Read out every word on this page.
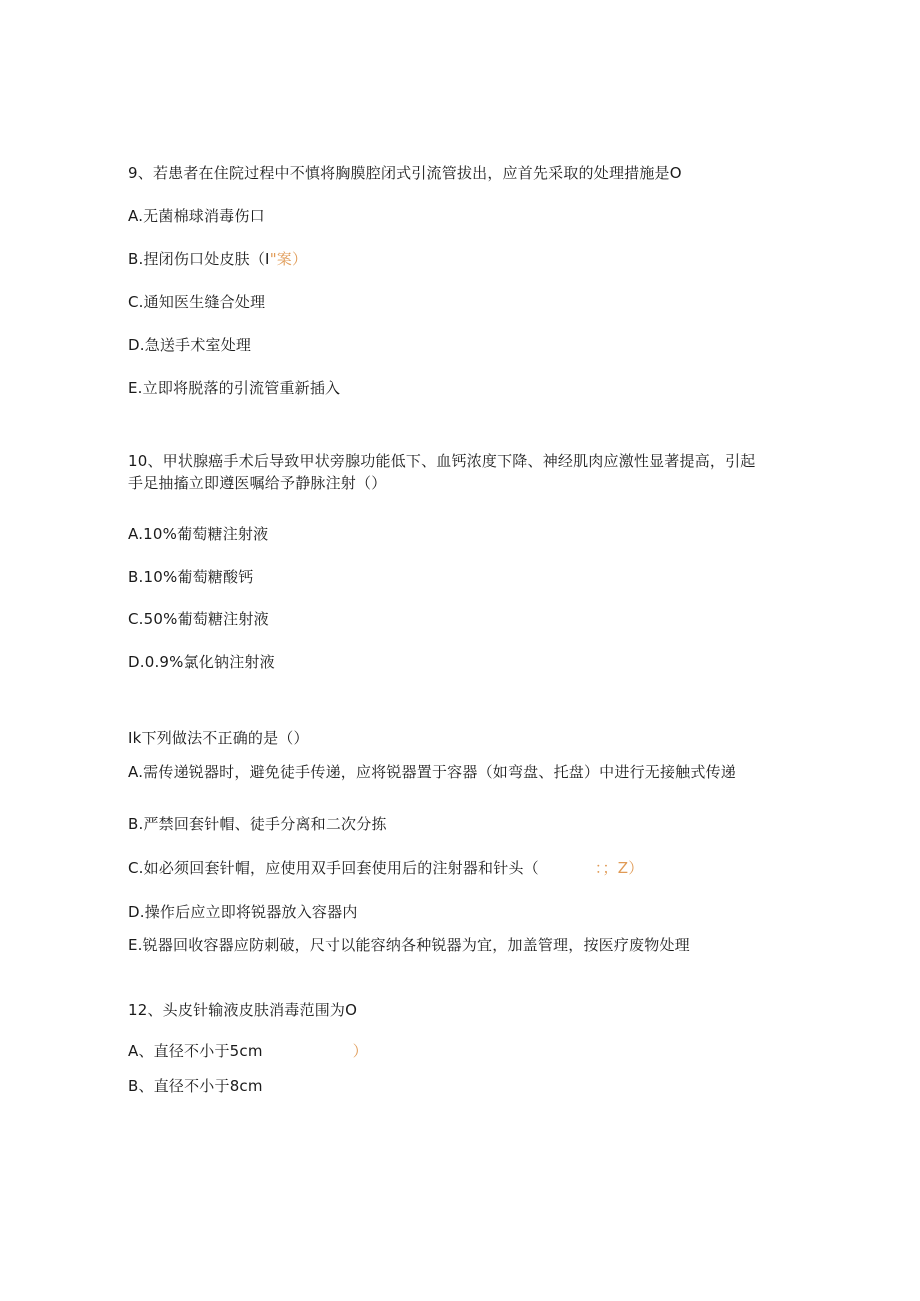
9、若患者在住院过程中不慎将胸膜腔闭式引流管拔出，应首先采取的处理措施是O
A.无菌棉球消毒伤口
B.捏闭伤口处皮肤（I"案）
C.通知医生缝合处理
D.急送手术室处理
E.立即将脱落的引流管重新插入
10、甲状腺癌手术后导致甲状旁腺功能低下、血钙浓度下降、神经肌肉应激性显著提高，引起手足抽搐立即遵医嘱给予静脉注射（）
A.10%葡萄糖注射液
B.10%葡萄糖酸钙
C.50%葡萄糖注射液
D.0.9%氯化钠注射液
Ik下列做法不正确的是（）
A.需传递锐器时，避免徒手传递，应将锐器置于容器（如弯盘、托盘）中进行无接触式传递
B.严禁回套针帽、徒手分离和二次分拣
C.如必须回套针帽，应使用双手回套使用后的注射器和针头（	：；Z）
D.操作后应立即将锐器放入容器内
E.锐器回收容器应防刺破，尺寸以能容纳各种锐器为宜，加盖管理，按医疗废物处理
12、头皮针输液皮肤消毒范围为O
A、直径不小于5cm	）
B、直径不小于8cm
